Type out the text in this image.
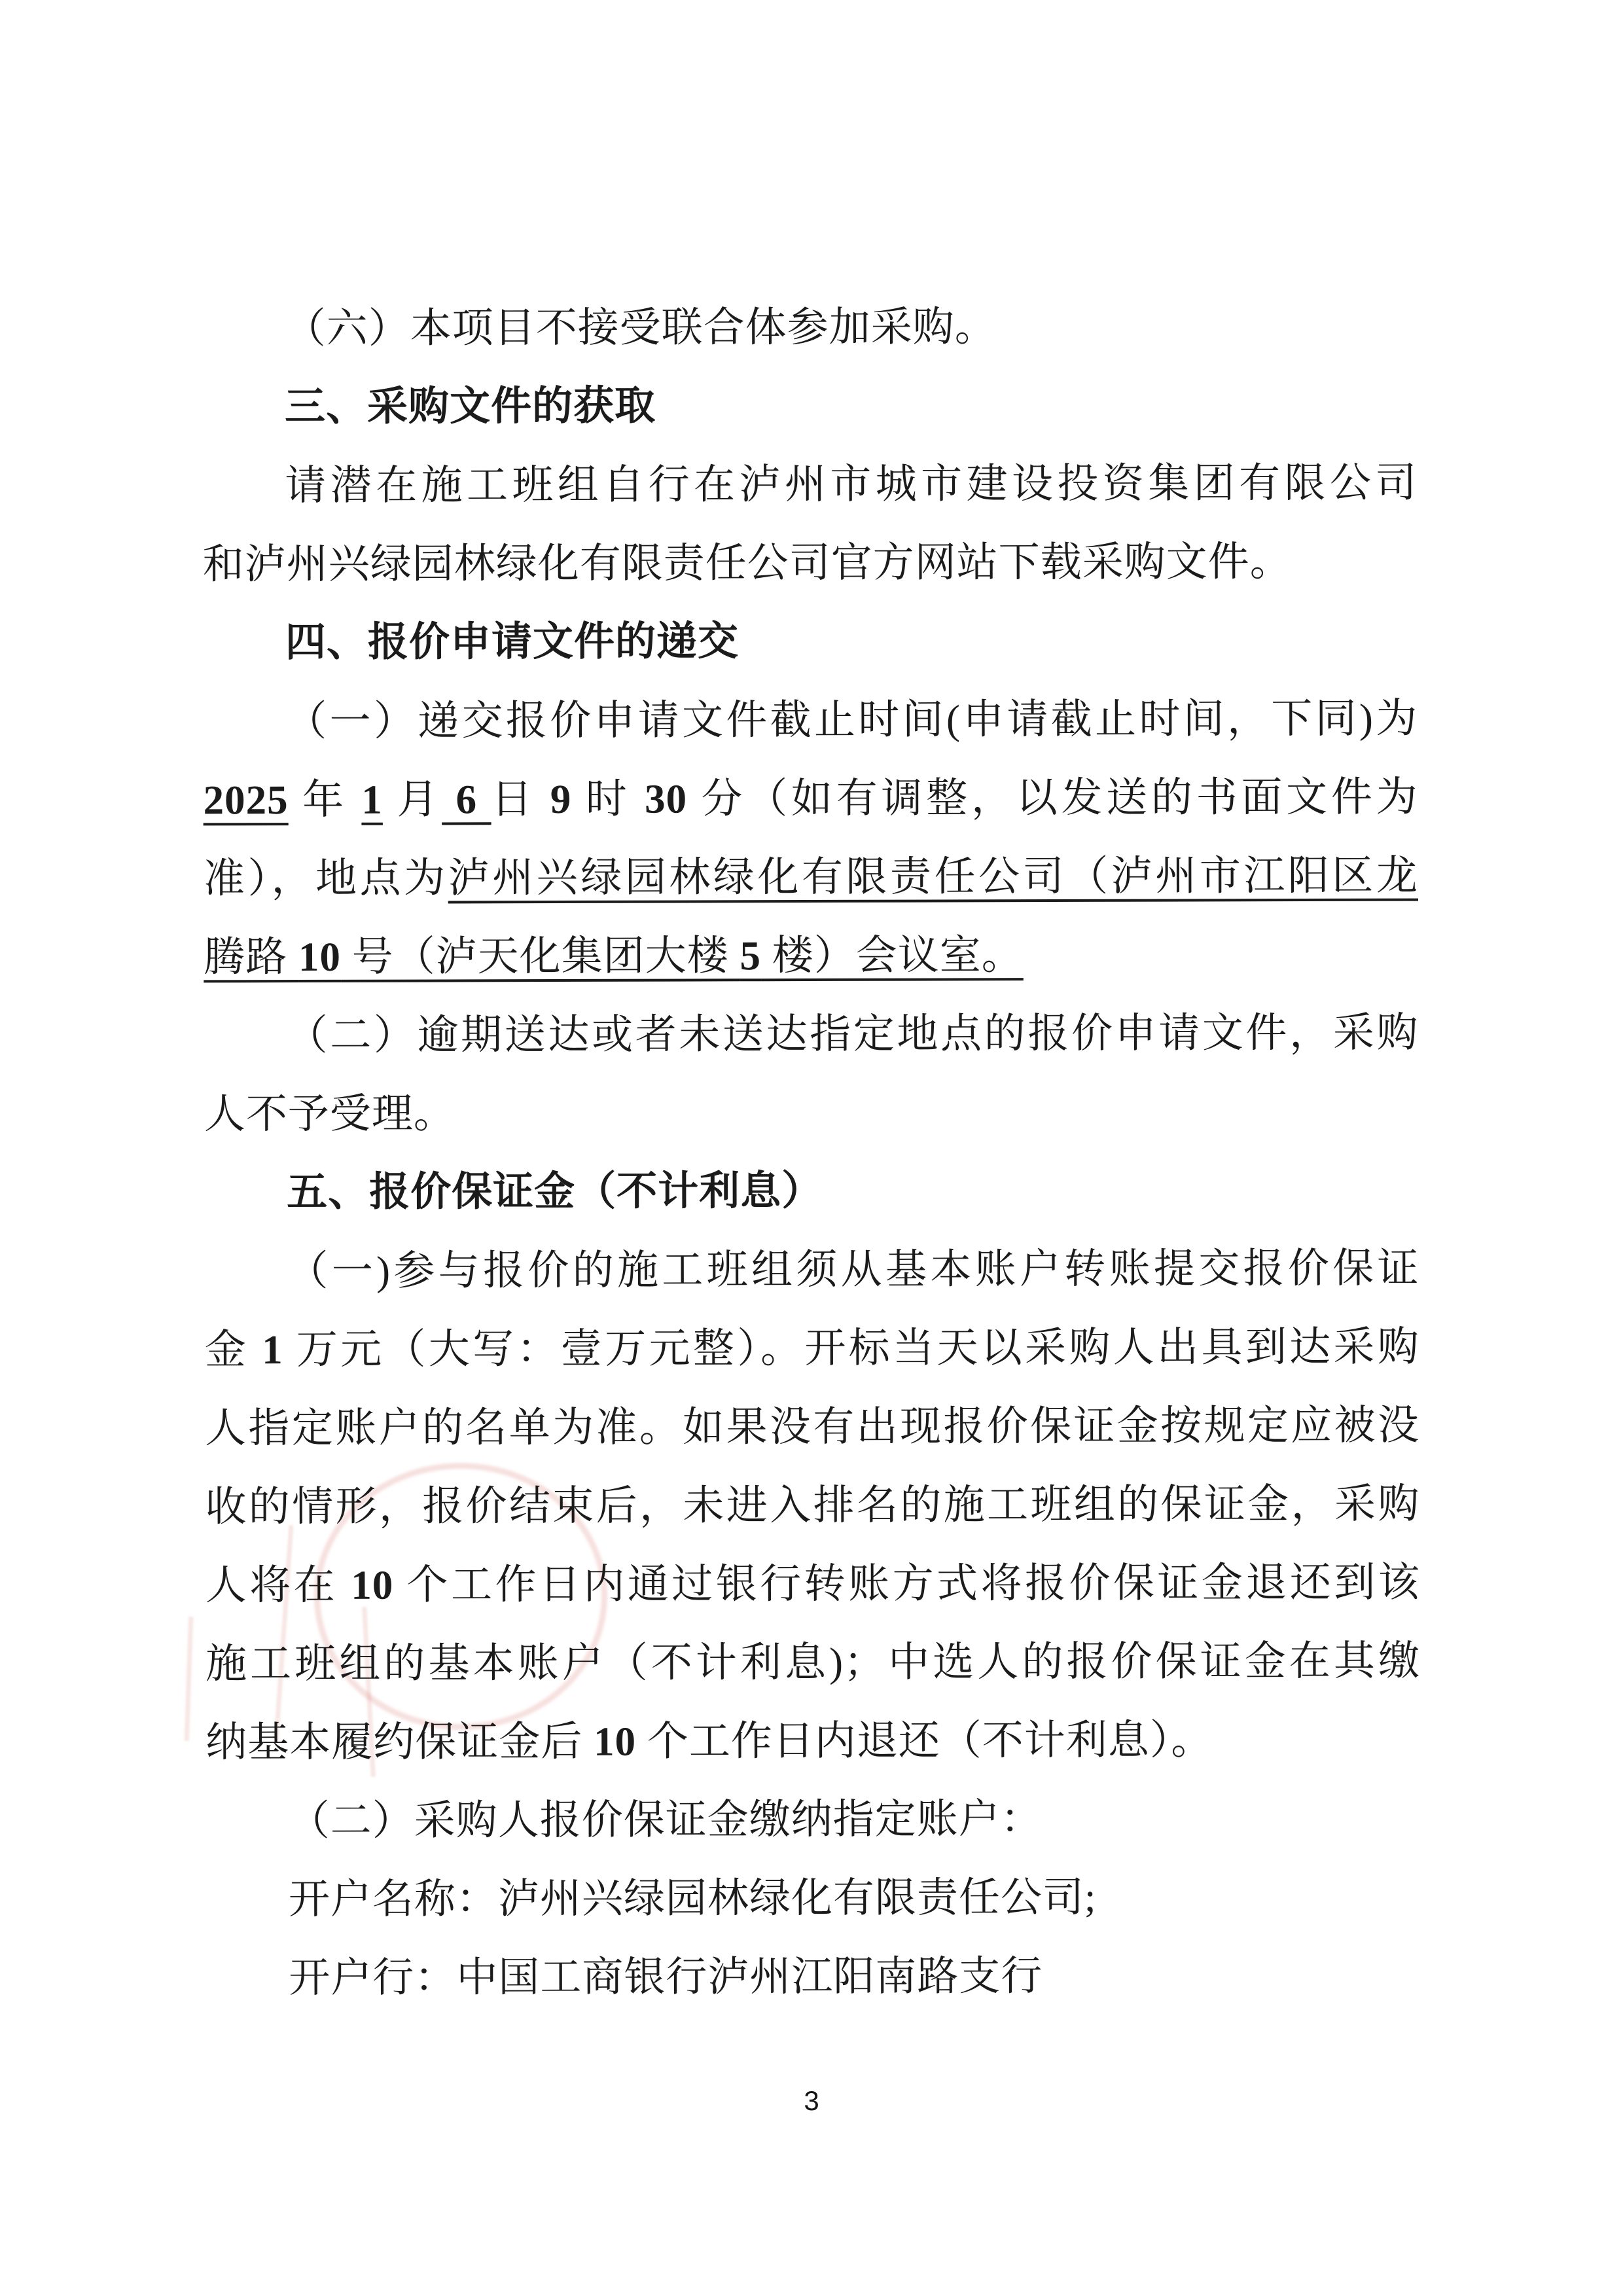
（六）本项目不接受联合体参加采购。
三、采购文件的获取
请潜在施工班组自行在泸州市城市建设投资集团有限公司
和泸州兴绿园林绿化有限责任公司官方网站下载采购文件。
四、报价申请文件的递交
（一）递交报价申请文件截止时间(申请截止时间，下同)为
2025 年 1 月 6 日 9 时 30 分（如有调整，以发送的书面文件为
准），地点为泸州兴绿园林绿化有限责任公司（泸州市江阳区龙
腾路 10 号（泸天化集团大楼 5 楼）会议室。
（二）逾期送达或者未送达指定地点的报价申请文件，采购
人不予受理。
五、报价保证金（不计利息）
（一)参与报价的施工班组须从基本账户转账提交报价保证
金 1 万元（大写：壹万元整）。开标当天以采购人出具到达采购
人指定账户的名单为准。如果没有出现报价保证金按规定应被没
收的情形，报价结束后，未进入排名的施工班组的保证金，采购
人将在 10 个工作日内通过银行转账方式将报价保证金退还到该
施工班组的基本账户（不计利息)；中选人的报价保证金在其缴
纳基本履约保证金后 10 个工作日内退还（不计利息）。
（二）采购人报价保证金缴纳指定账户：
开户名称：泸州兴绿园林绿化有限责任公司;
开户行：中国工商银行泸州江阳南路支行
3
